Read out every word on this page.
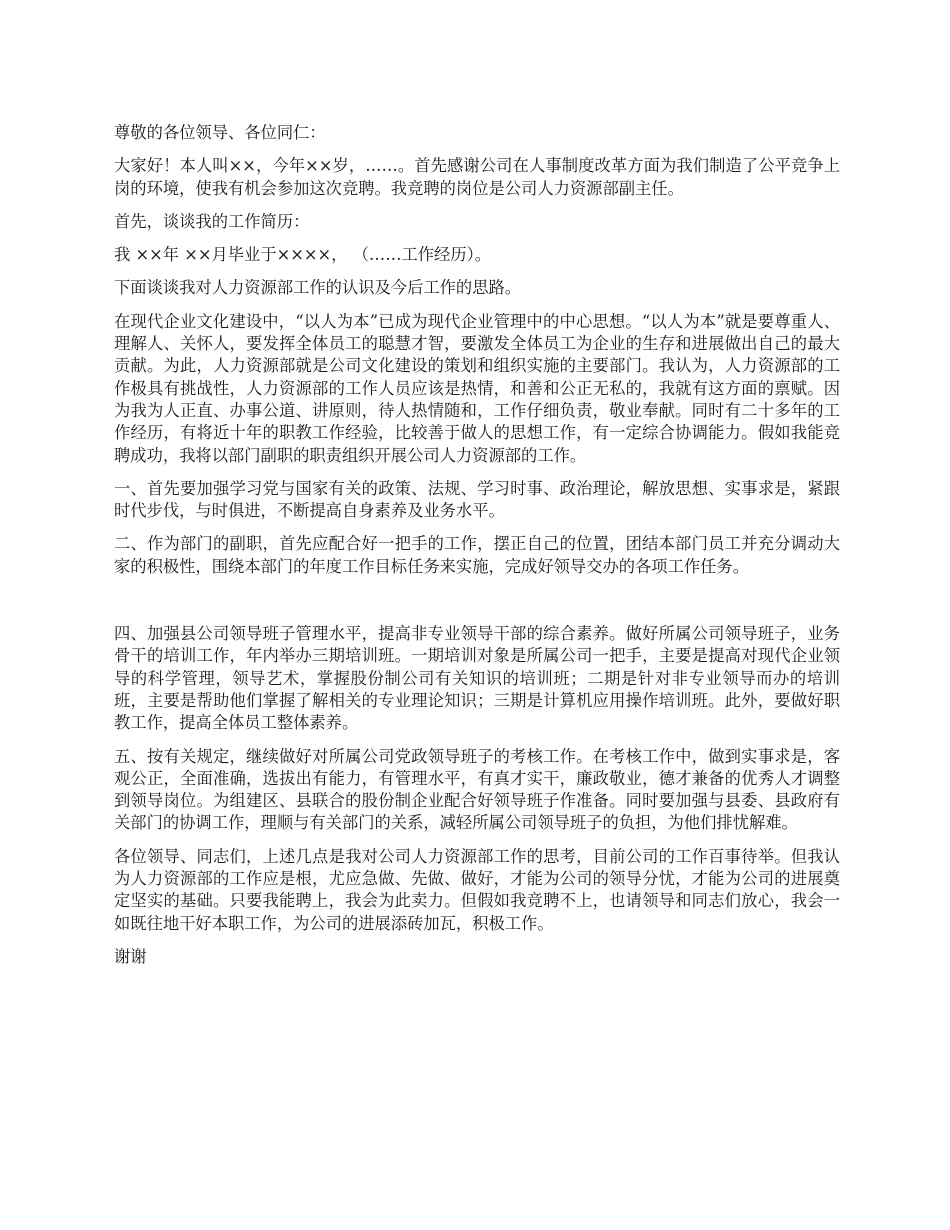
尊敬的各位领导、各位同仁：

大家好！本人叫××，今年××岁，……。首先感谢公司在人事制度改革方面为我们制造了公平竞争上岗的环境，使我有机会参加这次竞聘。我竞聘的岗位是公司人力资源部副主任。

首先，谈谈我的工作简历：

我 ××年 ××月毕业于××××， （……工作经历）。

下面谈谈我对人力资源部工作的认识及今后工作的思路。

在现代企业文化建设中，“以人为本”已成为现代企业管理中的中心思想。“以人为本”就是要尊重人、理解人、关怀人，要发挥全体员工的聪慧才智，要激发全体员工为企业的生存和进展做出自己的最大贡献。为此，人力资源部就是公司文化建设的策划和组织实施的主要部门。我认为，人力资源部的工作极具有挑战性，人力资源部的工作人员应该是热情，和善和公正无私的，我就有这方面的禀赋。因为我为人正直、办事公道、讲原则，待人热情随和，工作仔细负责，敬业奉献。同时有二十多年的工作经历，有将近十年的职教工作经验，比较善于做人的思想工作，有一定综合协调能力。假如我能竞聘成功，我将以部门副职的职责组织开展公司人力资源部的工作。

一、首先要加强学习党与国家有关的政策、法规、学习时事、政治理论，解放思想、实事求是，紧跟时代步伐，与时俱进，不断提高自身素养及业务水平。

二、作为部门的副职，首先应配合好一把手的工作，摆正自己的位置，团结本部门员工并充分调动大家的积极性，围绕本部门的年度工作目标任务来实施，完成好领导交办的各项工作任务。

四、加强县公司领导班子管理水平，提高非专业领导干部的综合素养。做好所属公司领导班子，业务骨干的培训工作，年内举办三期培训班。一期培训对象是所属公司一把手，主要是提高对现代企业领导的科学管理，领导艺术，掌握股份制公司有关知识的培训班；二期是针对非专业领导而办的培训班，主要是帮助他们掌握了解相关的专业理论知识；三期是计算机应用操作培训班。此外，要做好职教工作，提高全体员工整体素养。

五、按有关规定，继续做好对所属公司党政领导班子的考核工作。在考核工作中，做到实事求是，客观公正，全面准确，选拔出有能力，有管理水平，有真才实干，廉政敬业，德才兼备的优秀人才调整到领导岗位。为组建区、县联合的股份制企业配合好领导班子作准备。同时要加强与县委、县政府有关部门的协调工作，理顺与有关部门的关系，减轻所属公司领导班子的负担，为他们排忧解难。

各位领导、同志们，上述几点是我对公司人力资源部工作的思考，目前公司的工作百事待举。但我认为人力资源部的工作应是根，尤应急做、先做、做好，才能为公司的领导分忧，才能为公司的进展奠定坚实的基础。只要我能聘上，我会为此卖力。但假如我竞聘不上，也请领导和同志们放心，我会一如既往地干好本职工作，为公司的进展添砖加瓦，积极工作。

谢谢
